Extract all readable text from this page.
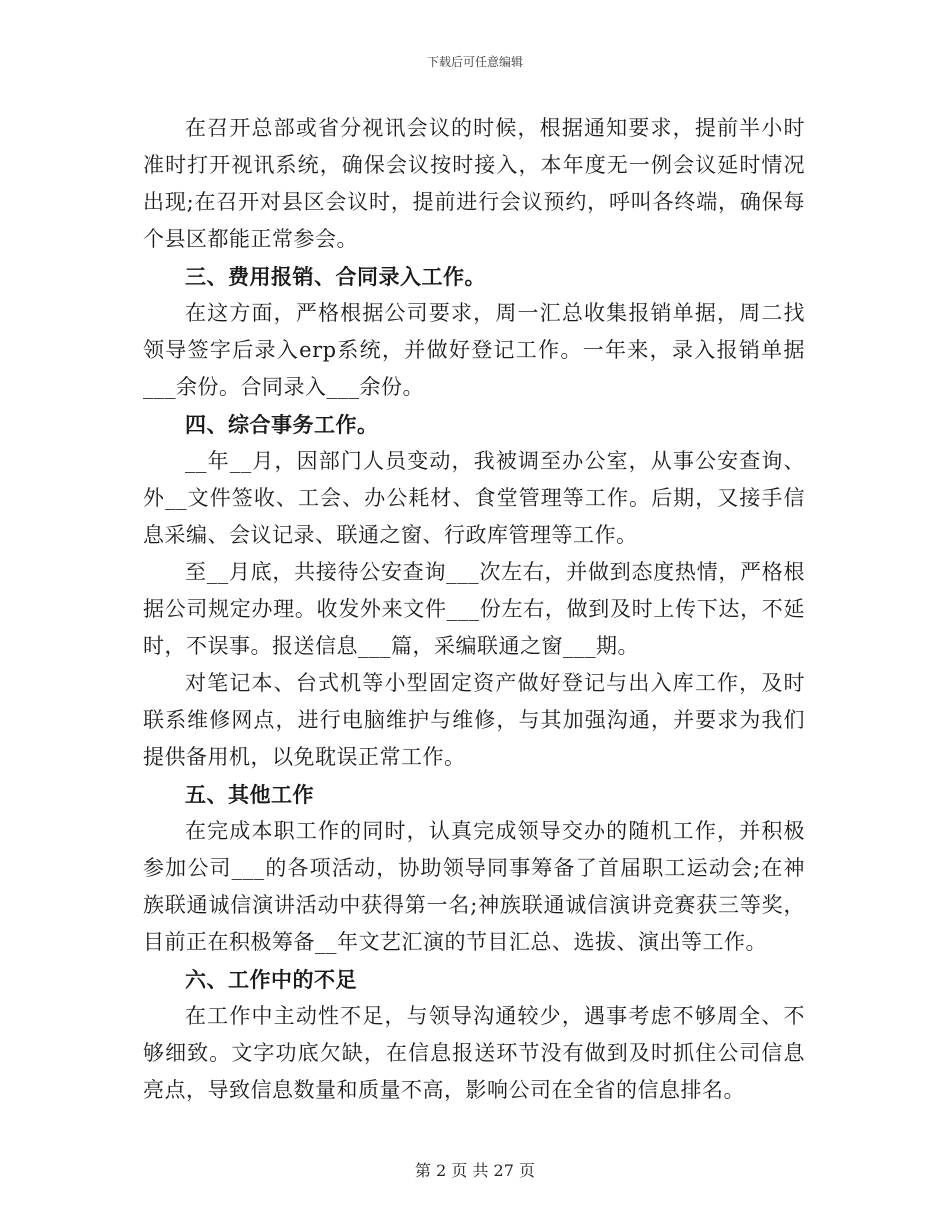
下载后可任意编辑

在召开总部或省分视讯会议的时候，根据通知要求，提前半小时准时打开视讯系统，确保会议按时接入，本年度无一例会议延时情况出现;在召开对县区会议时，提前进行会议预约，呼叫各终端，确保每个县区都能正常参会。

三、费用报销、合同录入工作。

在这方面，严格根据公司要求，周一汇总收集报销单据，周二找领导签字后录入erp系统，并做好登记工作。一年来，录入报销单据___余份。合同录入___余份。

四、综合事务工作。

__年__月，因部门人员变动，我被调至办公室，从事公安查询、外__文件签收、工会、办公耗材、食堂管理等工作。后期，又接手信息采编、会议记录、联通之窗、行政库管理等工作。

至__月底，共接待公安查询___次左右，并做到态度热情，严格根据公司规定办理。收发外来文件___份左右，做到及时上传下达，不延时，不误事。报送信息___篇，采编联通之窗___期。

对笔记本、台式机等小型固定资产做好登记与出入库工作，及时联系维修网点，进行电脑维护与维修，与其加强沟通，并要求为我们提供备用机，以免耽误正常工作。

五、其他工作

在完成本职工作的同时，认真完成领导交办的随机工作，并积极参加公司___的各项活动，协助领导同事筹备了首届职工运动会;在神族联通诚信演讲活动中获得第一名;神族联通诚信演讲竞赛获三等奖，目前正在积极筹备__年文艺汇演的节目汇总、选拔、演出等工作。

六、工作中的不足

在工作中主动性不足，与领导沟通较少，遇事考虑不够周全、不够细致。文字功底欠缺，在信息报送环节没有做到及时抓住公司信息亮点，导致信息数量和质量不高，影响公司在全省的信息排名。

第 2 页 共 27 页
